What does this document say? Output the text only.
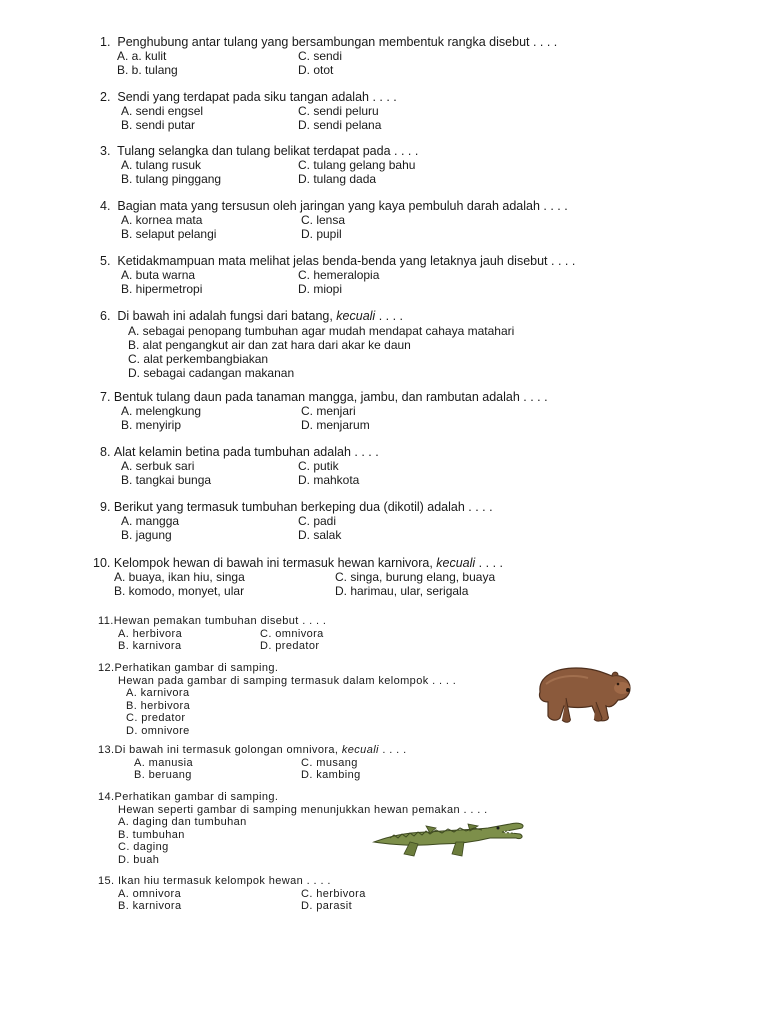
1. Penghubung antar tulang yang bersambungan membentuk rangka disebut . . . .
A. a. kulit	C. sendi
B. b. tulang	D. otot
2. Sendi yang terdapat pada siku tangan adalah . . . .
A. sendi engsel	C. sendi peluru
B. sendi putar	D. sendi pelana
3. Tulang selangka dan tulang belikat terdapat pada . . . .
A. tulang rusuk	C. tulang gelang bahu
B. tulang pinggang	D. tulang dada
4. Bagian mata yang tersusun oleh jaringan yang kaya pembuluh darah adalah . . . .
A. kornea mata	C. lensa
B. selaput pelangi	D. pupil
5. Ketidakmampuan mata melihat jelas benda-benda yang letaknya jauh disebut . . . .
A. buta warna	C. hemeralopia
B. hipermetropi	D. miopi
6. Di bawah ini adalah fungsi dari batang, kecuali . . . .
A. sebagai penopang tumbuhan agar mudah mendapat cahaya matahari
B. alat pengangkut air dan zat hara dari akar ke daun
C. alat perkembangbiakan
D. sebagai cadangan makanan
7. Bentuk tulang daun pada tanaman mangga, jambu, dan rambutan adalah . . . .
A. melengkung	C. menjari
B. menyirip	D. menjarum
8. Alat kelamin betina pada tumbuhan adalah . . . .
A. serbuk sari	C. putik
B. tangkai bunga	D. mahkota
9. Berikut yang termasuk tumbuhan berkeping dua (dikotil) adalah . . . .
A. mangga	C. padi
B. jagung	D. salak
10. Kelompok hewan di bawah ini termasuk hewan karnivora, kecuali . . . .
A. buaya, ikan hiu, singa	C. singa, burung elang, buaya
B. komodo, monyet, ular	D. harimau, ular, serigala
11.Hewan pemakan tumbuhan disebut . . . .
A. herbivora	C. omnivora
B. karnivora	D. predator
12.Perhatikan gambar di samping.
Hewan pada gambar di samping termasuk dalam kelompok . . . .
A. karnivora
B. herbivora
C. predator
D. omnivore
13.Di bawah ini termasuk golongan omnivora, kecuali . . . .
A. manusia	C. musang
B. beruang	D. kambing
14.Perhatikan gambar di samping.
Hewan seperti gambar di samping menunjukkan hewan pemakan . . . .
A. daging dan tumbuhan
B. tumbuhan
C. daging
D. buah
15. Ikan hiu termasuk kelompok hewan . . . .
A. omnivora	C. herbivora
B. karnivora	D. parasit
